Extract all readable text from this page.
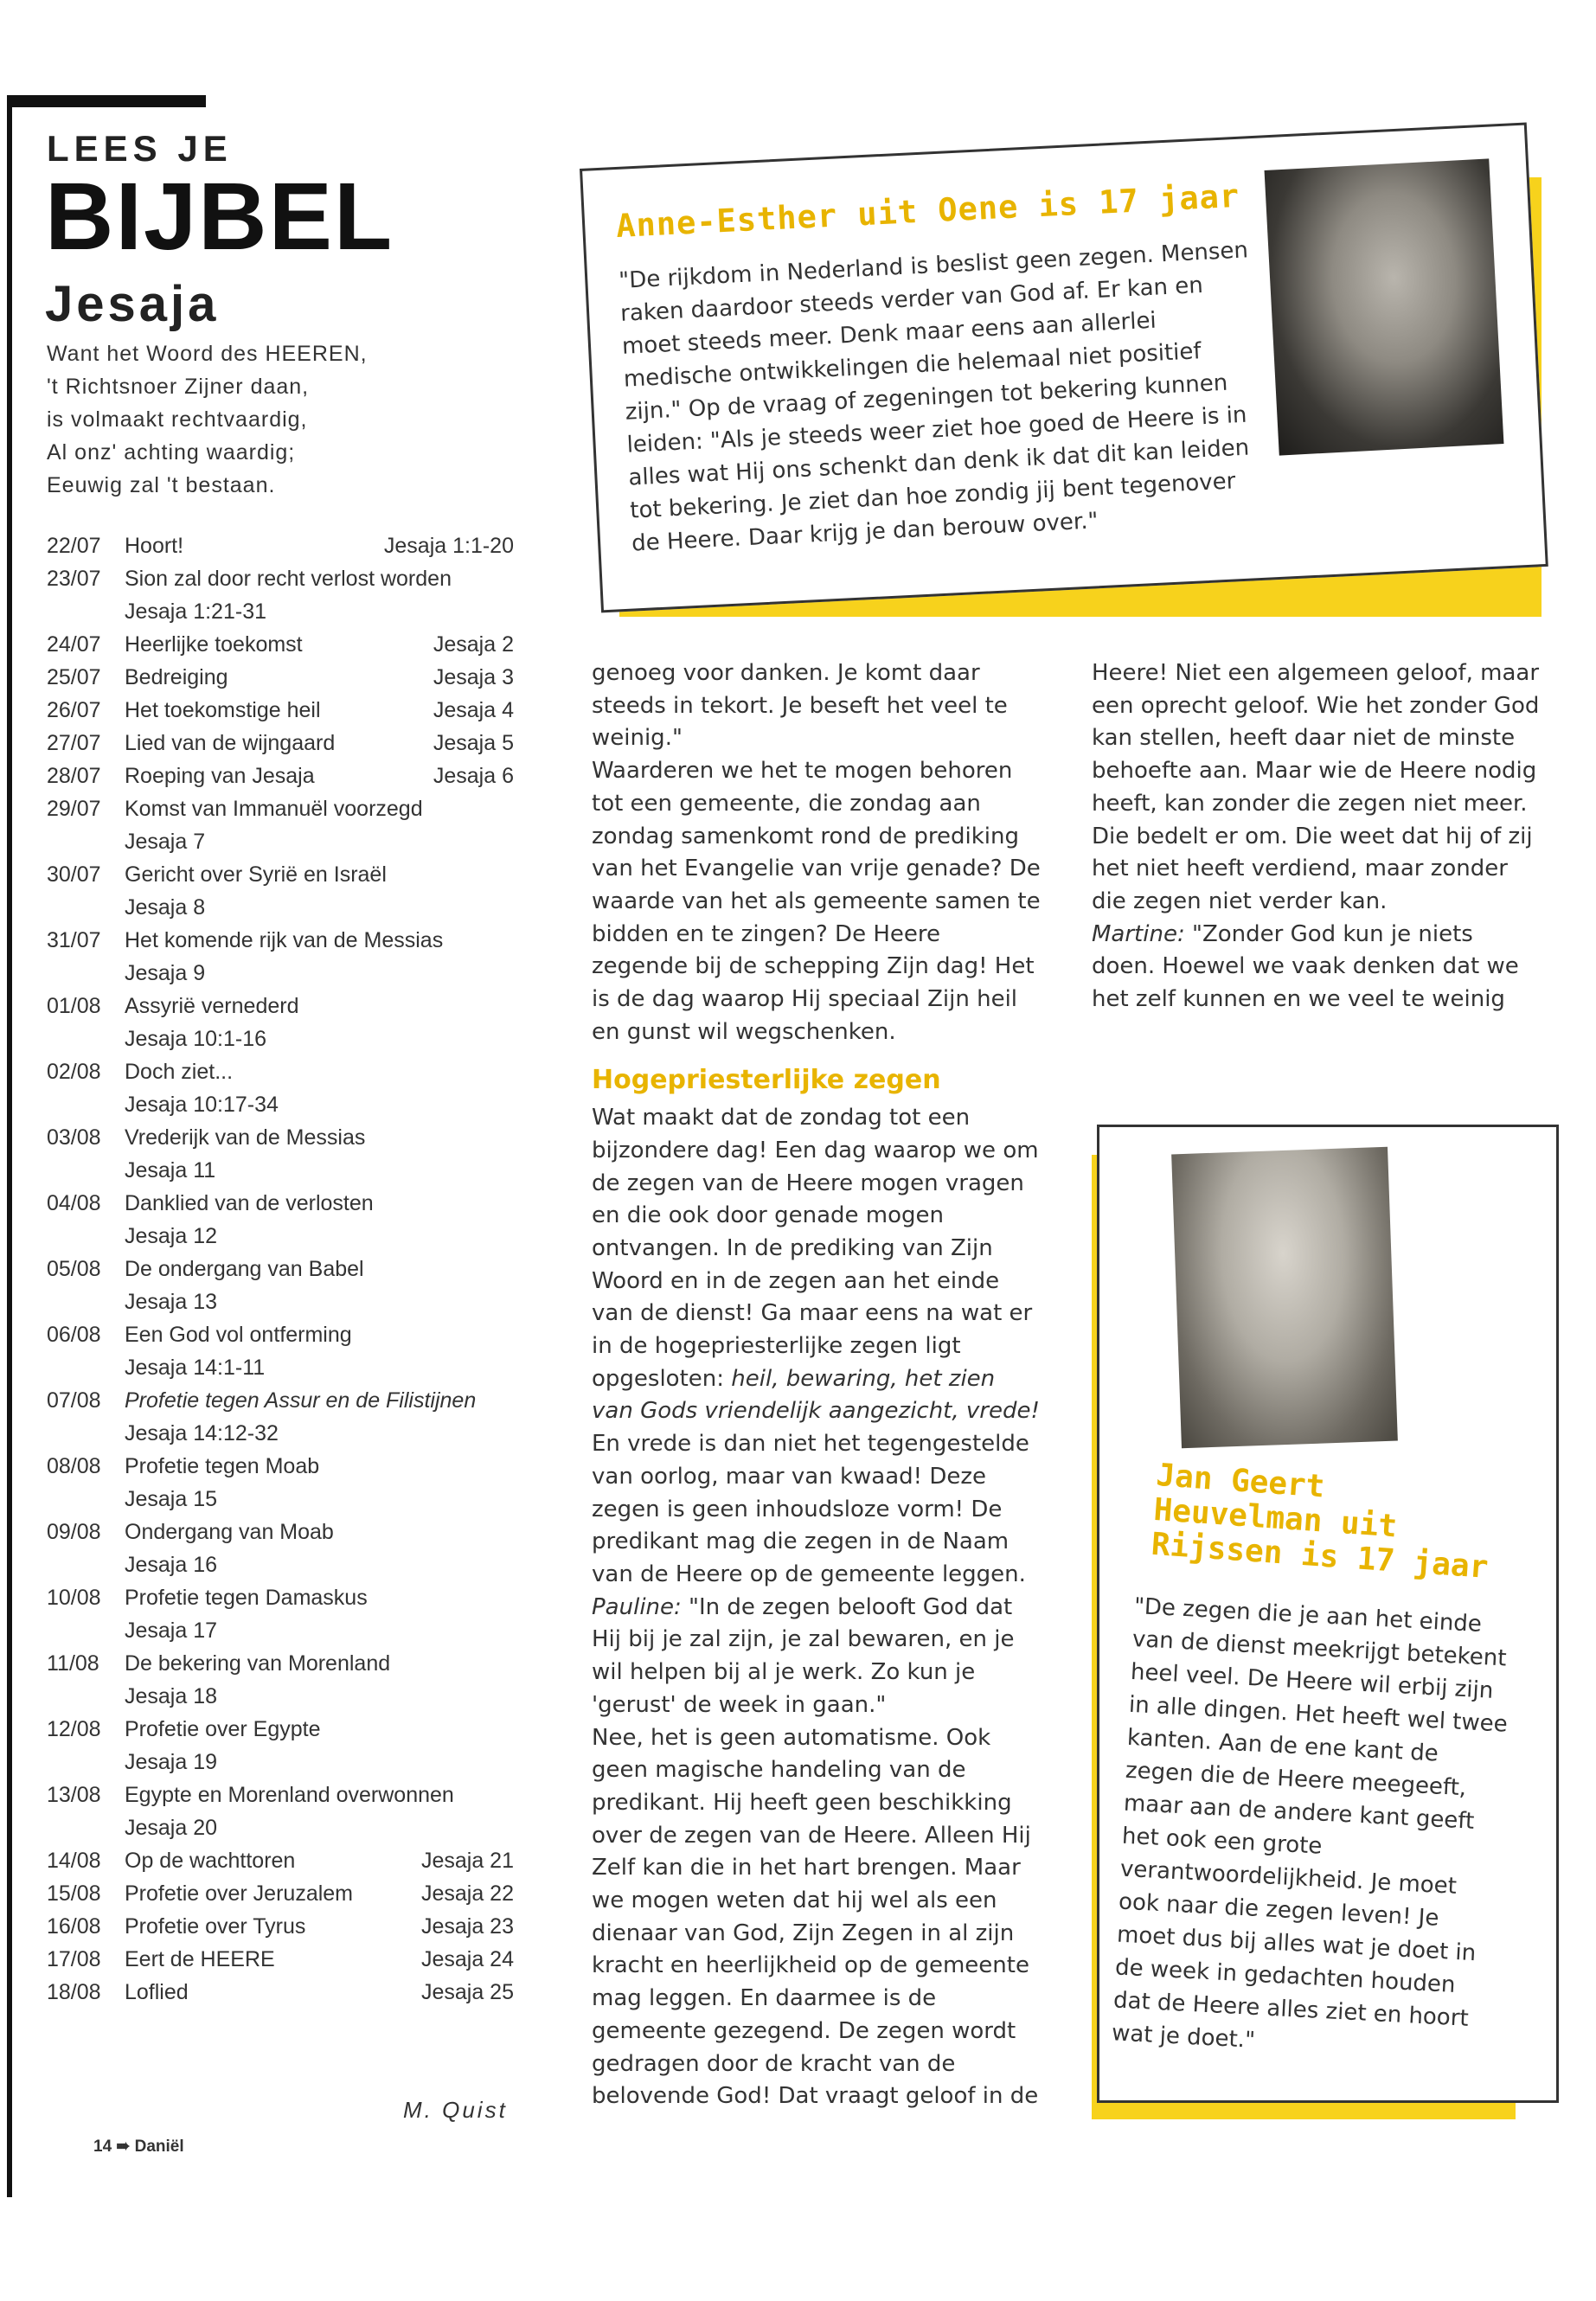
LEES JE
BIJBEL
Jesaja
Want het Woord des HEEREN,
't Richtsnoer Zijner daan,
is volmaakt rechtvaardig,
Al onz' achting waardig;
Eeuwig zal 't bestaan.
22/07	Hoort!	Jesaja 1:1-20
23/07	Sion zal door recht verlost worden
Jesaja 1:21-31
24/07	Heerlijke toekomst	Jesaja 2
25/07	Bedreiging	Jesaja 3
26/07	Het toekomstige heil	Jesaja 4
27/07	Lied van de wijngaard	Jesaja 5
28/07	Roeping van Jesaja	Jesaja 6
29/07	Komst van Immanuël voorzegd
Jesaja 7
30/07	Gericht over Syrië en Israël
Jesaja 8
31/07	Het komende rijk van de Messias
Jesaja 9
01/08	Assyrië vernederd
Jesaja 10:1-16
02/08	Doch ziet...
Jesaja 10:17-34
03/08	Vrederijk van de Messias
Jesaja 11
04/08	Danklied van de verlosten
Jesaja 12
05/08	De ondergang van Babel
Jesaja 13
06/08	Een God vol ontferming
Jesaja 14:1-11
07/08	Profetie tegen Assur en de Filistijnen
Jesaja 14:12-32
08/08	Profetie tegen Moab
Jesaja 15
09/08	Ondergang van Moab
Jesaja 16
10/08	Profetie tegen Damaskus
Jesaja 17
11/08	De bekering van Morenland
Jesaja 18
12/08	Profetie over Egypte
Jesaja 19
13/08	Egypte en Morenland overwonnen
Jesaja 20
14/08	Op de wachttoren	Jesaja 21
15/08	Profetie over Jeruzalem	Jesaja 22
16/08	Profetie over Tyrus	Jesaja 23
17/08	Eert de HEERE	Jesaja 24
18/08	Loflied	Jesaja 25
M. Quist
14 ➠ Daniël
Anne-Esther uit Oene is 17 jaar
"De rijkdom in Nederland is beslist geen zegen. Mensen raken daardoor steeds verder van God af. Er kan en moet steeds meer. Denk maar eens aan allerlei medische ontwikkelingen die helemaal niet positief zijn." Op de vraag of zegeningen tot bekering kunnen leiden: "Als je steeds weer ziet hoe goed de Heere is in alles wat Hij ons schenkt dan denk ik dat dit kan leiden tot bekering. Je ziet dan hoe zondig jij bent tegenover de Heere. Daar krijg je dan berouw over."
genoeg voor danken. Je komt daar steeds in tekort. Je beseft het veel te weinig."
Waarderen we het te mogen behoren tot een gemeente, die zondag aan zondag samenkomt rond de prediking van het Evangelie van vrije genade? De waarde van het als gemeente samen te bidden en te zingen? De Heere zegende bij de schepping Zijn dag! Het is de dag waarop Hij speciaal Zijn heil en gunst wil wegschenken.
Hogepriesterlijke zegen
Wat maakt dat de zondag tot een bijzondere dag! Een dag waarop we om de zegen van de Heere mogen vragen en die ook door genade mogen ontvangen. In de prediking van Zijn Woord en in de zegen aan het einde van de dienst! Ga maar eens na wat er in de hogepriesterlijke zegen ligt opgesloten: heil, bewaring, het zien van Gods vriendelijk aangezicht, vrede! En vrede is dan niet het tegengestelde van oorlog, maar van kwaad! Deze zegen is geen inhoudsloze vorm! De predikant mag die zegen in de Naam van de Heere op de gemeente leggen.
Pauline: "In de zegen belooft God dat Hij bij je zal zijn, je zal bewaren, en je wil helpen bij al je werk. Zo kun je 'gerust' de week in gaan."
Nee, het is geen automatisme. Ook geen magische handeling van de predikant. Hij heeft geen beschikking over de zegen van de Heere. Alleen Hij Zelf kan die in het hart brengen. Maar we mogen weten dat hij wel als een dienaar van God, Zijn Zegen in al zijn kracht en heerlijkheid op de gemeente mag leggen. En daarmee is de gemeente gezegend. De zegen wordt gedragen door de kracht van de belovende God! Dat vraagt geloof in de
Heere! Niet een algemeen geloof, maar een oprecht geloof. Wie het zonder God kan stellen, heeft daar niet de minste behoefte aan. Maar wie de Heere nodig heeft, kan zonder die zegen niet meer. Die bedelt er om. Die weet dat hij of zij het niet heeft verdiend, maar zonder die zegen niet verder kan.
Martine: "Zonder God kun je niets doen. Hoewel we vaak denken dat we het zelf kunnen en we veel te weinig
Jan Geert Heuvelman uit Rijssen is 17 jaar
"De zegen die je aan het einde van de dienst meekrijgt betekent heel veel. De Heere wil erbij zijn in alle dingen. Het heeft wel twee kanten. Aan de ene kant de zegen die de Heere meegeeft, maar aan de andere kant geeft het ook een grote verantwoordelijkheid. Je moet ook naar die zegen leven! Je moet dus bij alles wat je doet in de week in gedachten houden dat de Heere alles ziet en hoort wat je doet."
